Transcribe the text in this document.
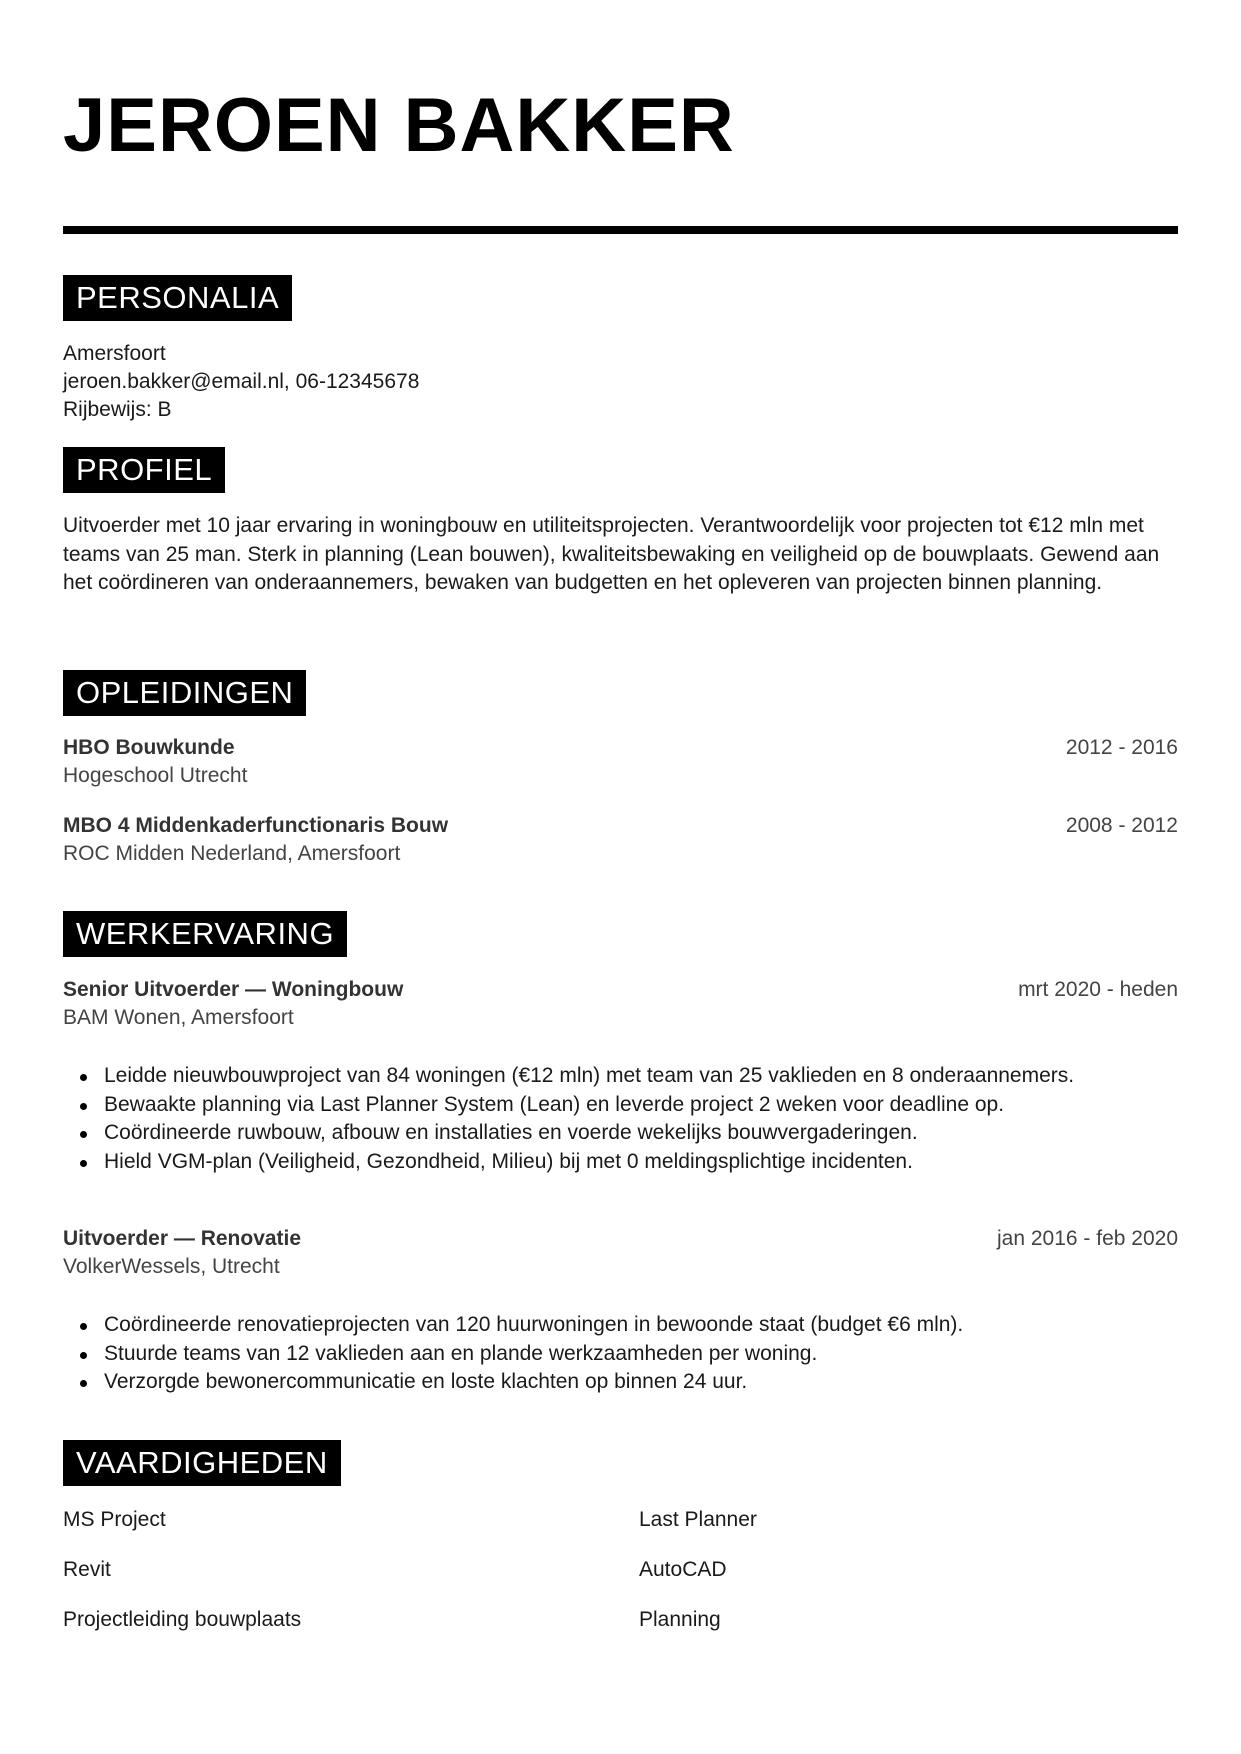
JEROEN BAKKER
PERSONALIA
Amersfoort
jeroen.bakker@email.nl, 06-12345678
Rijbewijs: B
PROFIEL

Uitvoerder met 10 jaar ervaring in woningbouw en utiliteitsprojecten. Verantwoordelijk voor projecten tot €12 mln met teams van 25 man. Sterk in planning (Lean bouwen), kwaliteitsbewaking en veiligheid op de bouwplaats. Gewend aan het coördineren van onderaannemers, bewaken van budgetten en het opleveren van projecten binnen planning.

OPLEIDINGEN
HBO Bouwkunde	2012 - 2016
Hogeschool Utrecht
MBO 4 Middenkaderfunctionaris Bouw	2008 - 2012
ROC Midden Nederland, Amersfoort
WERKERVARING
Senior Uitvoerder — Woningbouw	mrt 2020 - heden
BAM Wonen, Amersfoort
Leidde nieuwbouwproject van 84 woningen (€12 mln) met team van 25 vaklieden en 8 onderaannemers.
Bewaakte planning via Last Planner System (Lean) en leverde project 2 weken voor deadline op.
Coördineerde ruwbouw, afbouw en installaties en voerde wekelijks bouwvergaderingen.
Hield VGM-plan (Veiligheid, Gezondheid, Milieu) bij met 0 meldingsplichtige incidenten.
Uitvoerder — Renovatie	jan 2016 - feb 2020
VolkerWessels, Utrecht
Coördineerde renovatieprojecten van 120 huurwoningen in bewoonde staat (budget €6 mln).
Stuurde teams van 12 vaklieden aan en plande werkzaamheden per woning.
Verzorgde bewonercommunicatie en loste klachten op binnen 24 uur.
VAARDIGHEDEN
MS Project	Last Planner
Revit	AutoCAD
Projectleiding bouwplaats	Planning
